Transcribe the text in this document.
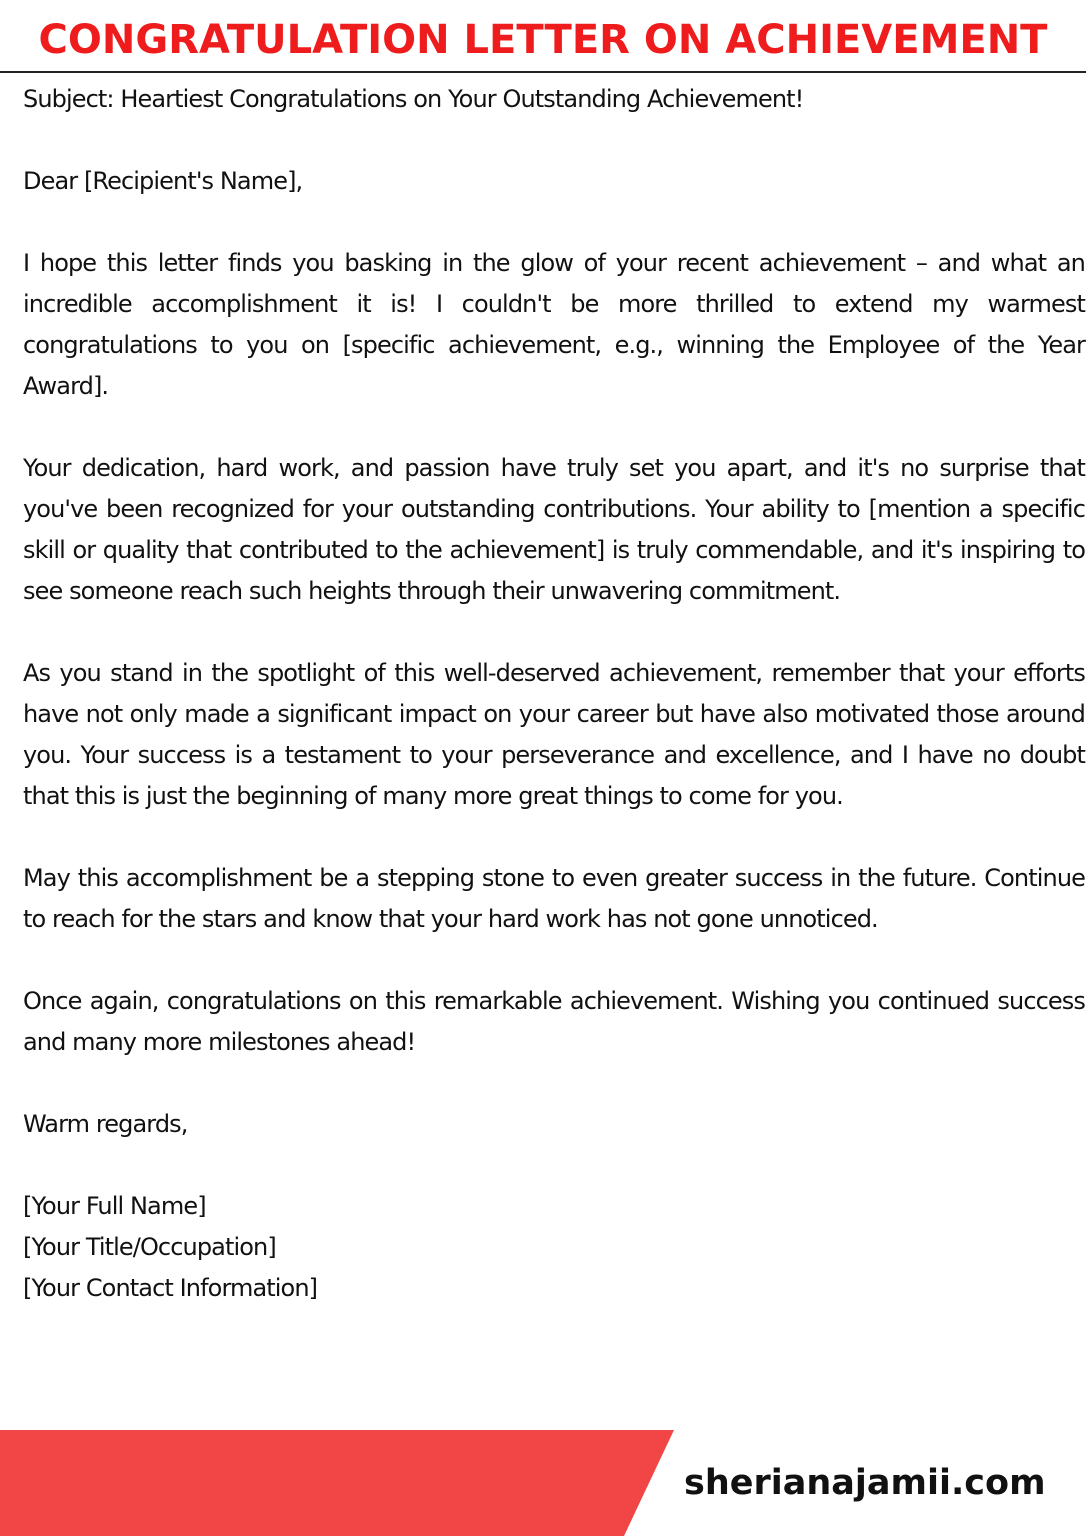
CONGRATULATION LETTER ON ACHIEVEMENT

Subject: Heartiest Congratulations on Your Outstanding Achievement!

Dear [Recipient's Name],

I hope this letter finds you basking in the glow of your recent achievement – and what an incredible accomplishment it is! I couldn't be more thrilled to extend my warmest congratulations to you on [specific achievement, e.g., winning the Employee of the Year Award].

Your dedication, hard work, and passion have truly set you apart, and it's no surprise that you've been recognized for your outstanding contributions. Your ability to [mention a specific skill or quality that contributed to the achievement] is truly commendable, and it's inspiring to see someone reach such heights through their unwavering commitment.

As you stand in the spotlight of this well-deserved achievement, remember that your efforts have not only made a significant impact on your career but have also motivated those around you. Your success is a testament to your perseverance and excellence, and I have no doubt that this is just the beginning of many more great things to come for you.

May this accomplishment be a stepping stone to even greater success in the future. Continue to reach for the stars and know that your hard work has not gone unnoticed.

Once again, congratulations on this remarkable achievement. Wishing you continued success and many more milestones ahead!

Warm regards,

[Your Full Name]

[Your Title/Occupation]

[Your Contact Information]

sherianajamii.com
